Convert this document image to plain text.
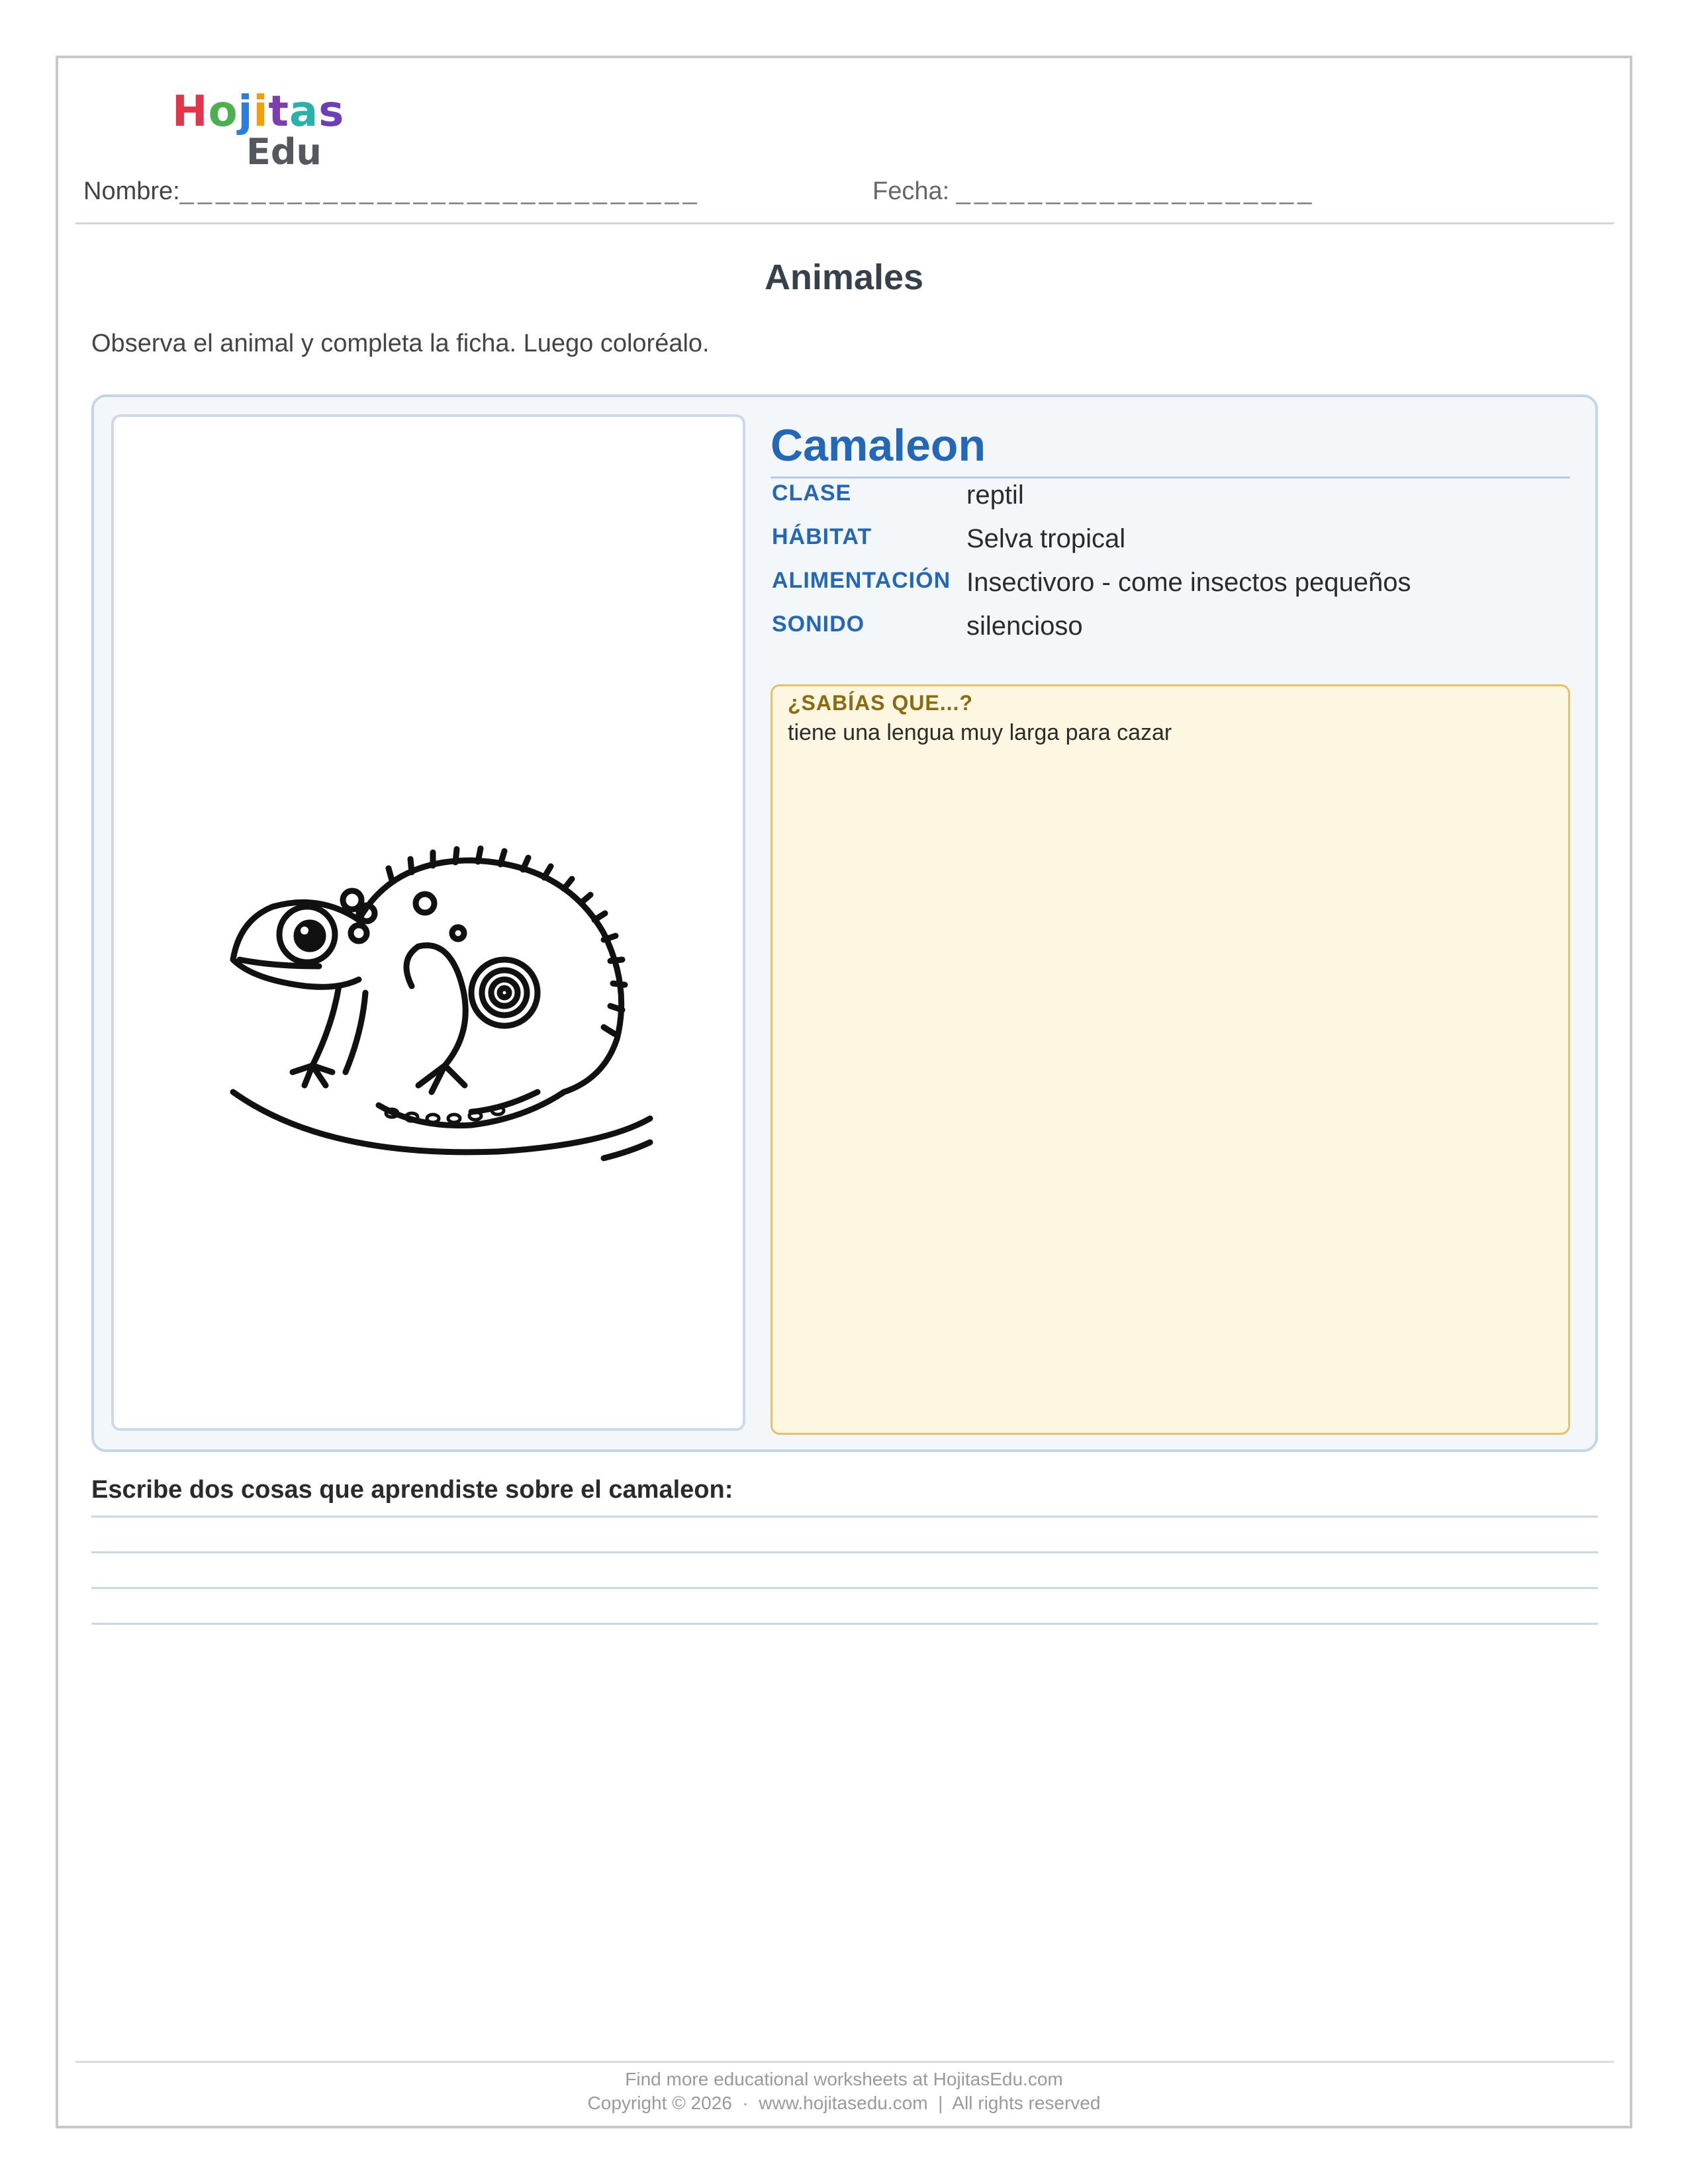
Hojitas
Edu
Nombre:_____________________________	Fecha: ____________________
Animales
Observa el animal y completa la ficha. Luego coloréalo.
Camaleon
CLASE	reptil
HÁBITAT	Selva tropical
ALIMENTACIÓN Insectivoro - come insectos pequeños
SONIDO	silencioso
¿SABÍAS QUE...?
tiene una lengua muy larga para cazar
Escribe dos cosas que aprendiste sobre el camaleon:
Find more educational worksheets at HojitasEdu.com
Copyright © 2026  ·  www.hojitasedu.com  |  All rights reserved
